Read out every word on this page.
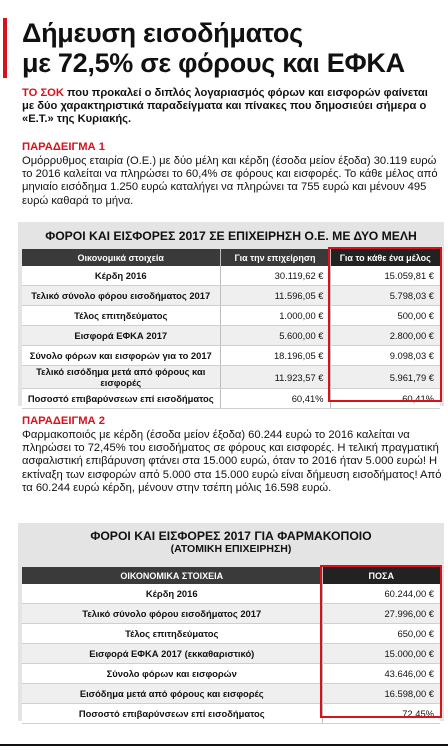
Δήμευση εισοδήματος
με 72,5% σε φόρους και ΕΦΚΑ
ΤΟ ΣΟΚ που προκαλεί ο διπλός λογαριασμός φόρων και εισφορών φαίνεται με δύο χαρακτηριστικά παραδείγματα και πίνακες που δημοσιεύει σήμερα ο «Ε.Τ.» της Κυριακής.
ΠΑΡΑΔΕΙΓΜΑ 1
Ομόρρυθμος εταιρία (Ο.Ε.) με δύο μέλη και κέρδη (έσοδα μείον έξοδα) 30.119 ευρώ το 2016 καλείται να πληρώσει το 60,4% σε φόρους και εισφορές. Το κάθε μέλος από μηνιαίο εισόδημα 1.250 ευρώ καταλήγει να πληρώνει τα 755 ευρώ και μένουν 495 ευρώ καθαρά το μήνα.
ΦΟΡΟΙ ΚΑΙ ΕΙΣΦΟΡΕΣ 2017 ΣΕ ΕΠΙΧΕΙΡΗΣΗ Ο.Ε. ΜΕ ΔΥΟ ΜΕΛΗ
Οικονομικά στοιχεία	Για την επιχείρηση	Για το κάθε ένα μέλος
Κέρδη 2016	30.119,62 €	15.059,81 €
Τελικό σύνολο φόρου εισοδήματος 2017	11.596,05 €	5.798,03 €
Τέλος επιτηδεύματος	1.000,00 €	500,00 €
Εισφορά ΕΦΚΑ 2017	5.600,00 €	2.800,00 €
Σύνολο φόρων και εισφορών για το 2017	18.196,05 €	9.098,03 €
Τελικό εισόδημα μετά από φόρους και εισφορές	11.923,57 €	5.961,79 €
Ποσοστό επιβαρύνσεων επί εισοδήματος	60,41%	60,41%
ΠΑΡΑΔΕΙΓΜΑ 2
Φαρμακοποιός με κέρδη (έσοδα μείον έξοδα) 60.244 ευρώ το 2016 καλείται να πληρώσει το 72,45% του εισοδήματος σε φόρους και εισφορές. Η τελική πραγματική ασφαλιστική επιβάρυνση φτάνει στα 15.000 ευρώ, όταν το 2016 ήταν 5.000 ευρώ! Η εκτίναξη των εισφορών από 5.000 στα 15.000 ευρώ είναι δήμευση εισοδήματος! Από τα 60.244 ευρώ κέρδη, μένουν στην τσέπη μόλις 16.598 ευρώ.
ΦΟΡΟΙ ΚΑΙ ΕΙΣΦΟΡΕΣ 2017 ΓΙΑ ΦΑΡΜΑΚΟΠΟΙΟ
(ΑΤΟΜΙΚΗ ΕΠΙΧΕΙΡΗΣΗ)
ΟΙΚΟΝΟΜΙΚΑ ΣΤΟΙΧΕΙΑ	ΠΟΣΑ
Κέρδη 2016	60.244,00 €
Τελικό σύνολο φόρου εισοδήματος 2017	27.996,00 €
Τέλος επιτηδεύματος	650,00 €
Εισφορά ΕΦΚΑ 2017 (εκκαθαριστικό)	15.000,00 €
Σύνολο φόρων και εισφορών	43.646,00 €
Εισόδημα μετά από φόρους και εισφορές	16.598,00 €
Ποσοστό επιβαρύνσεων επί εισοδήματος	72,45%
